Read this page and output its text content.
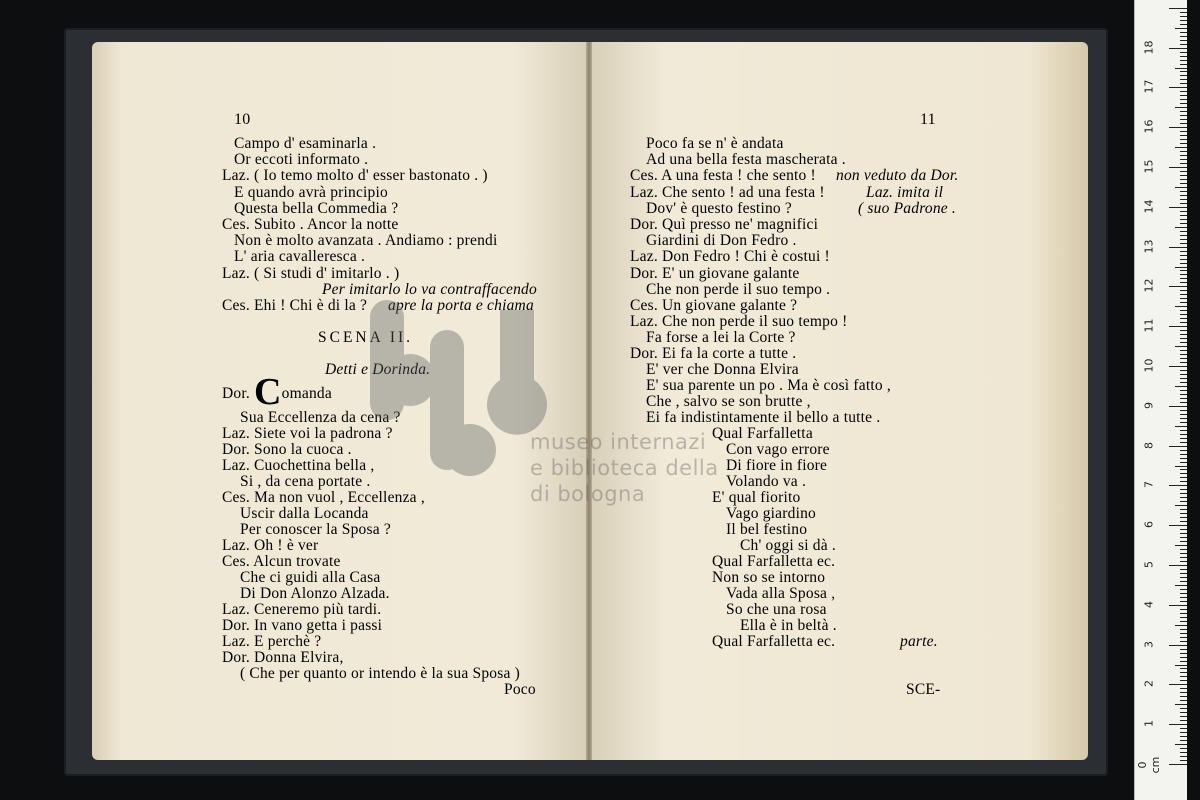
10	11
Dor. Comanda
Campo d' esaminarla .
Or eccoti informato .
Laz. ( Io temo molto d' esser bastonato . )
E quando avrà principio
Questa bella Commedia ?
Ces. Subito . Ancor la notte
Non è molto avanzata . Andiamo : prendi
L' aria cavalleresca .
Laz. ( Si studi d' imitarlo . )
Per imitarlo lo va contraffacendo
Ces. Ehi ! Chi è di la ? apre la porta e chiama
SCENA II.
Detti e Dorinda.
Sua Eccellenza da cena ?
Laz. Siete voi la padrona ?
Dor. Sono la cuoca .
Laz. Cuochettina bella ,
Si , da cena portate .
Ces. Ma non vuol , Eccellenza ,
Uscir dalla Locanda
Per conoscer la Sposa ?
Laz. Oh ! è ver
Ces. Alcun trovate
Che ci guidi alla Casa
Di Don Alonzo Alzada.
Laz. Ceneremo più tardi.
Dor. In vano getta i passi
Laz. E perchè ?
Dor. Donna Elvira,
( Che per quanto or intendo è la sua Sposa )
Poco
Poco fa se n' è andata
Ad una bella festa mascherata .
Ces. A una festa ! che sento ! non veduto da Dor.
Laz. Che sento ! ad una festa !	Laz. imita il
Dov' è questo festino ?	( suo Padrone .
Dor. Quì presso ne' magnifici
Giardini di Don Fedro .
Laz. Don Fedro ! Chi è costui !
Dor. E' un giovane galante
Che non perde il suo tempo .
Ces. Un giovane galante ?
Laz. Che non perde il suo tempo !
Fa forse a lei la Corte ?
Dor. Ei fa la corte a tutte .
E' ver che Donna Elvira
E' sua parente un po . Ma è così fatto ,
Che , salvo se son brutte ,
Ei fa indistintamente il bello a tutte .
Qual Farfalletta
Con vago errore
Di fiore in fiore
Volando va .
E' qual fiorito
Vago giardino
Il bel festino
Ch' oggi si dà .
Qual Farfalletta ec.
Non so se intorno
Vada alla Sposa ,
So che una rosa
Ella è in beltà .
Qual Farfalletta ec.	parte.
SCE-
museo internazi
e biblioteca della
di bologna
1
2
3
4
5
6
7
8
9
10
11
12
13
14
15
16
17
18
0 cm
